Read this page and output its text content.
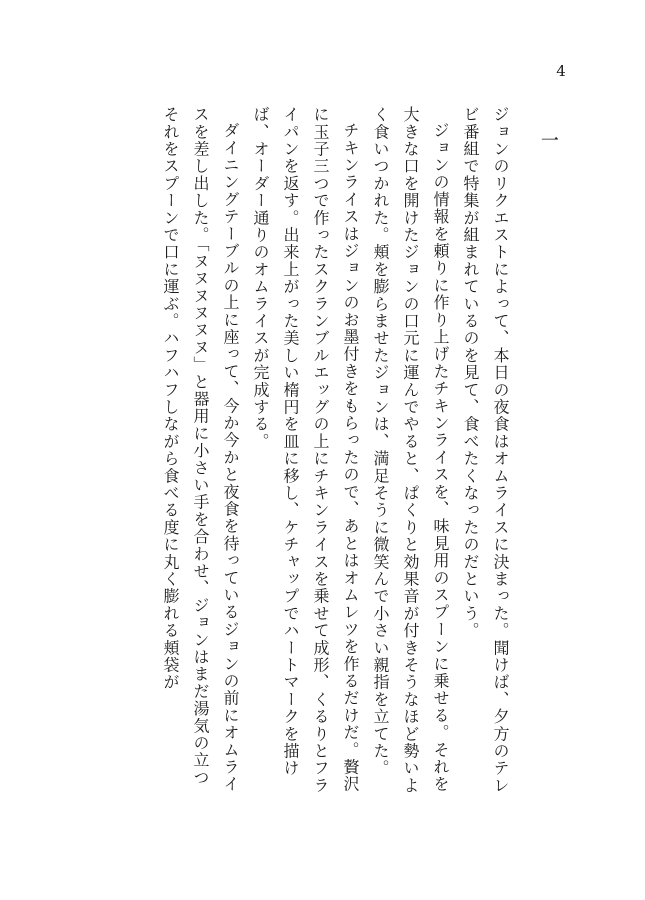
4
一

ジョンのリクエストによって、本日の夜食はオムライスに決まった。聞けば、夕方のテレビ番組で特集が組まれているのを見て、食べたくなったのだという。

ジョンの情報を頼りに作り上げたチキンライスを、味見用のスプーンに乗せる。それを大きな口を開けたジョンの口元に運んでやると、ぱくりと効果音が付きそうなほど勢いよく食いつかれた。頬を膨らませたジョンは、満足そうに微笑んで小さい親指を立てた。

チキンライスはジョンのお墨付きをもらったので、あとはオムレツを作るだけだ。贅沢に玉子三つで作ったスクランブルエッグの上にチキンライスを乗せて成形、くるりとフライパンを返す。出来上がった美しい楕円を皿に移し、ケチャップでハートマークを描けば、オーダー通りのオムライスが完成する。

ダイニングテーブルの上に座って、今か今かと夜食を待っているジョンの前にオムライスを差し出した。「ヌヌヌヌヌヌ」と器用に小さい手を合わせ、ジョンはまだ湯気の立つそれをスプーンで口に運ぶ。ハフハフしながら食べる度に丸く膨れる頬袋が
